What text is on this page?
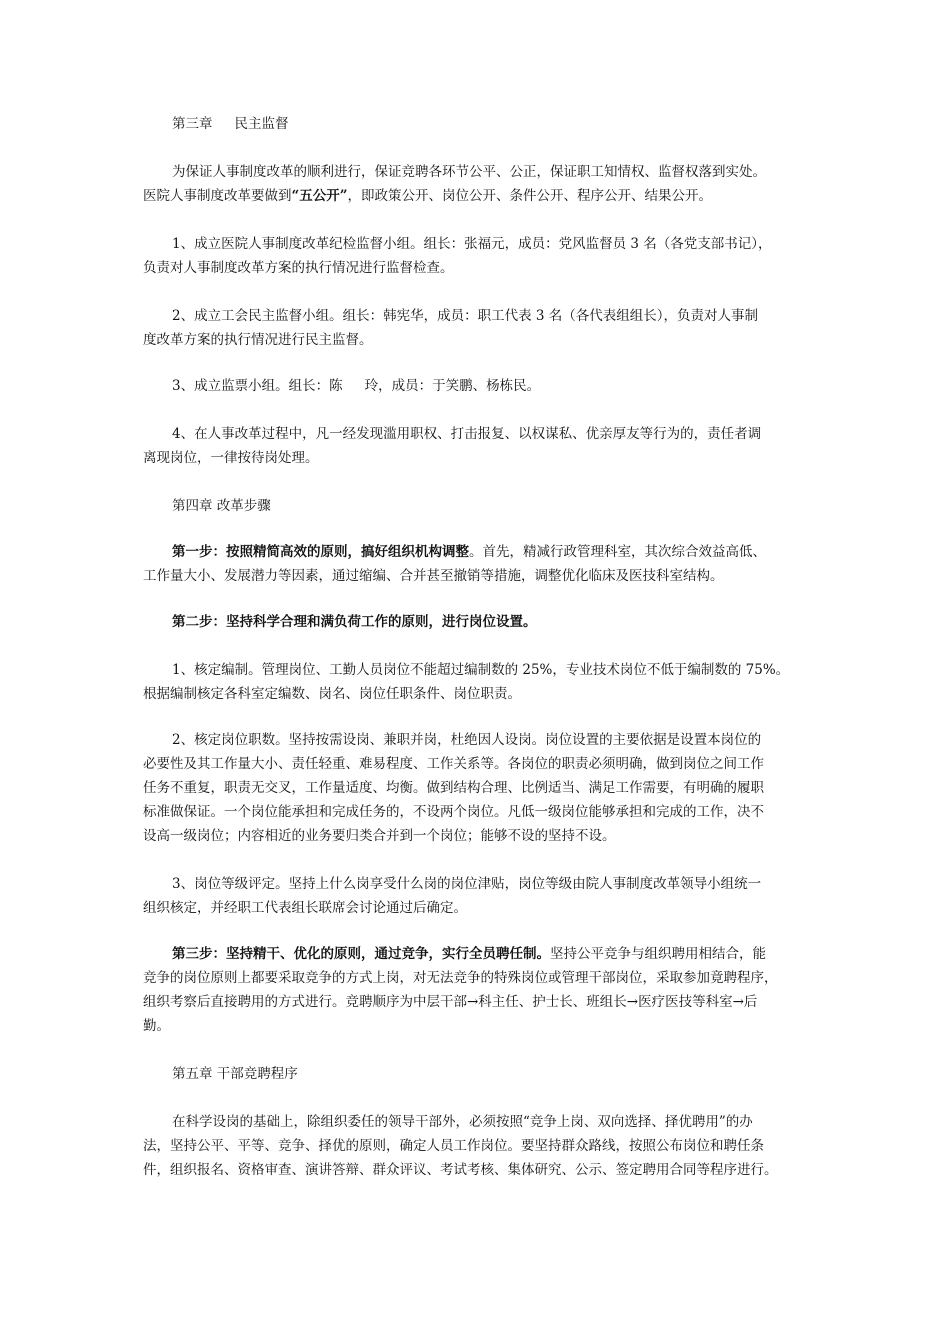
第三章 民主监督
为保证人事制度改革的顺利进行，保证竞聘各环节公平、公正，保证职工知情权、监督权落到实处。
医院人事制度改革要做到“五公开”，即政策公开、岗位公开、条件公开、程序公开、结果公开。
1、成立医院人事制度改革纪检监督小组。组长：张福元，成员：党风监督员 3 名（各党支部书记），
负责对人事制度改革方案的执行情况进行监督检查。
2、成立工会民主监督小组。组长：韩宪华，成员：职工代表 3 名（各代表组组长），负责对人事制
度改革方案的执行情况进行民主监督。
3、成立监票小组。组长：陈 玲，成员：于笑鹏、杨栋民。
4、在人事改革过程中，凡一经发现滥用职权、打击报复、以权谋私、优亲厚友等行为的，责任者调
离现岗位，一律按待岗处理。
第四章 改革步骤
第一步：按照精简高效的原则，搞好组织机构调整。首先，精减行政管理科室，其次综合效益高低、
工作量大小、发展潜力等因素，通过缩编、合并甚至撤销等措施，调整优化临床及医技科室结构。
第二步：坚持科学合理和满负荷工作的原则，进行岗位设置。
1、核定编制。管理岗位、工勤人员岗位不能超过编制数的 25%，专业技术岗位不低于编制数的 75%。
根据编制核定各科室定编数、岗名、岗位任职条件、岗位职责。
2、核定岗位职数。坚持按需设岗、兼职并岗，杜绝因人设岗。岗位设置的主要依据是设置本岗位的
必要性及其工作量大小、责任轻重、难易程度、工作关系等。各岗位的职责必须明确，做到岗位之间工作
任务不重复，职责无交叉，工作量适度、均衡。做到结构合理、比例适当、满足工作需要，有明确的履职
标准做保证。一个岗位能承担和完成任务的，不设两个岗位。凡低一级岗位能够承担和完成的工作，决不
设高一级岗位；内容相近的业务要归类合并到一个岗位；能够不设的坚持不设。
3、岗位等级评定。坚持上什么岗享受什么岗的岗位津贴，岗位等级由院人事制度改革领导小组统一
组织核定，并经职工代表组长联席会讨论通过后确定。
第三步：坚持精干、优化的原则，通过竞争，实行全员聘任制。坚持公平竞争与组织聘用相结合，能
竞争的岗位原则上都要采取竞争的方式上岗，对无法竞争的特殊岗位或管理干部岗位，采取参加竟聘程序，
组织考察后直接聘用的方式进行。竞聘顺序为中层干部→科主任、护士长、班组长→医疗医技等科室→后
勤。
第五章 干部竞聘程序
在科学设岗的基础上，除组织委任的领导干部外，必须按照“竞争上岗、双向选择、择优聘用”的办
法，坚持公平、平等、竞争、择优的原则，确定人员工作岗位。要坚持群众路线，按照公布岗位和聘任条
件，组织报名、资格审查、演讲答辩、群众评议、考试考核、集体研究、公示、签定聘用合同等程序进行。
